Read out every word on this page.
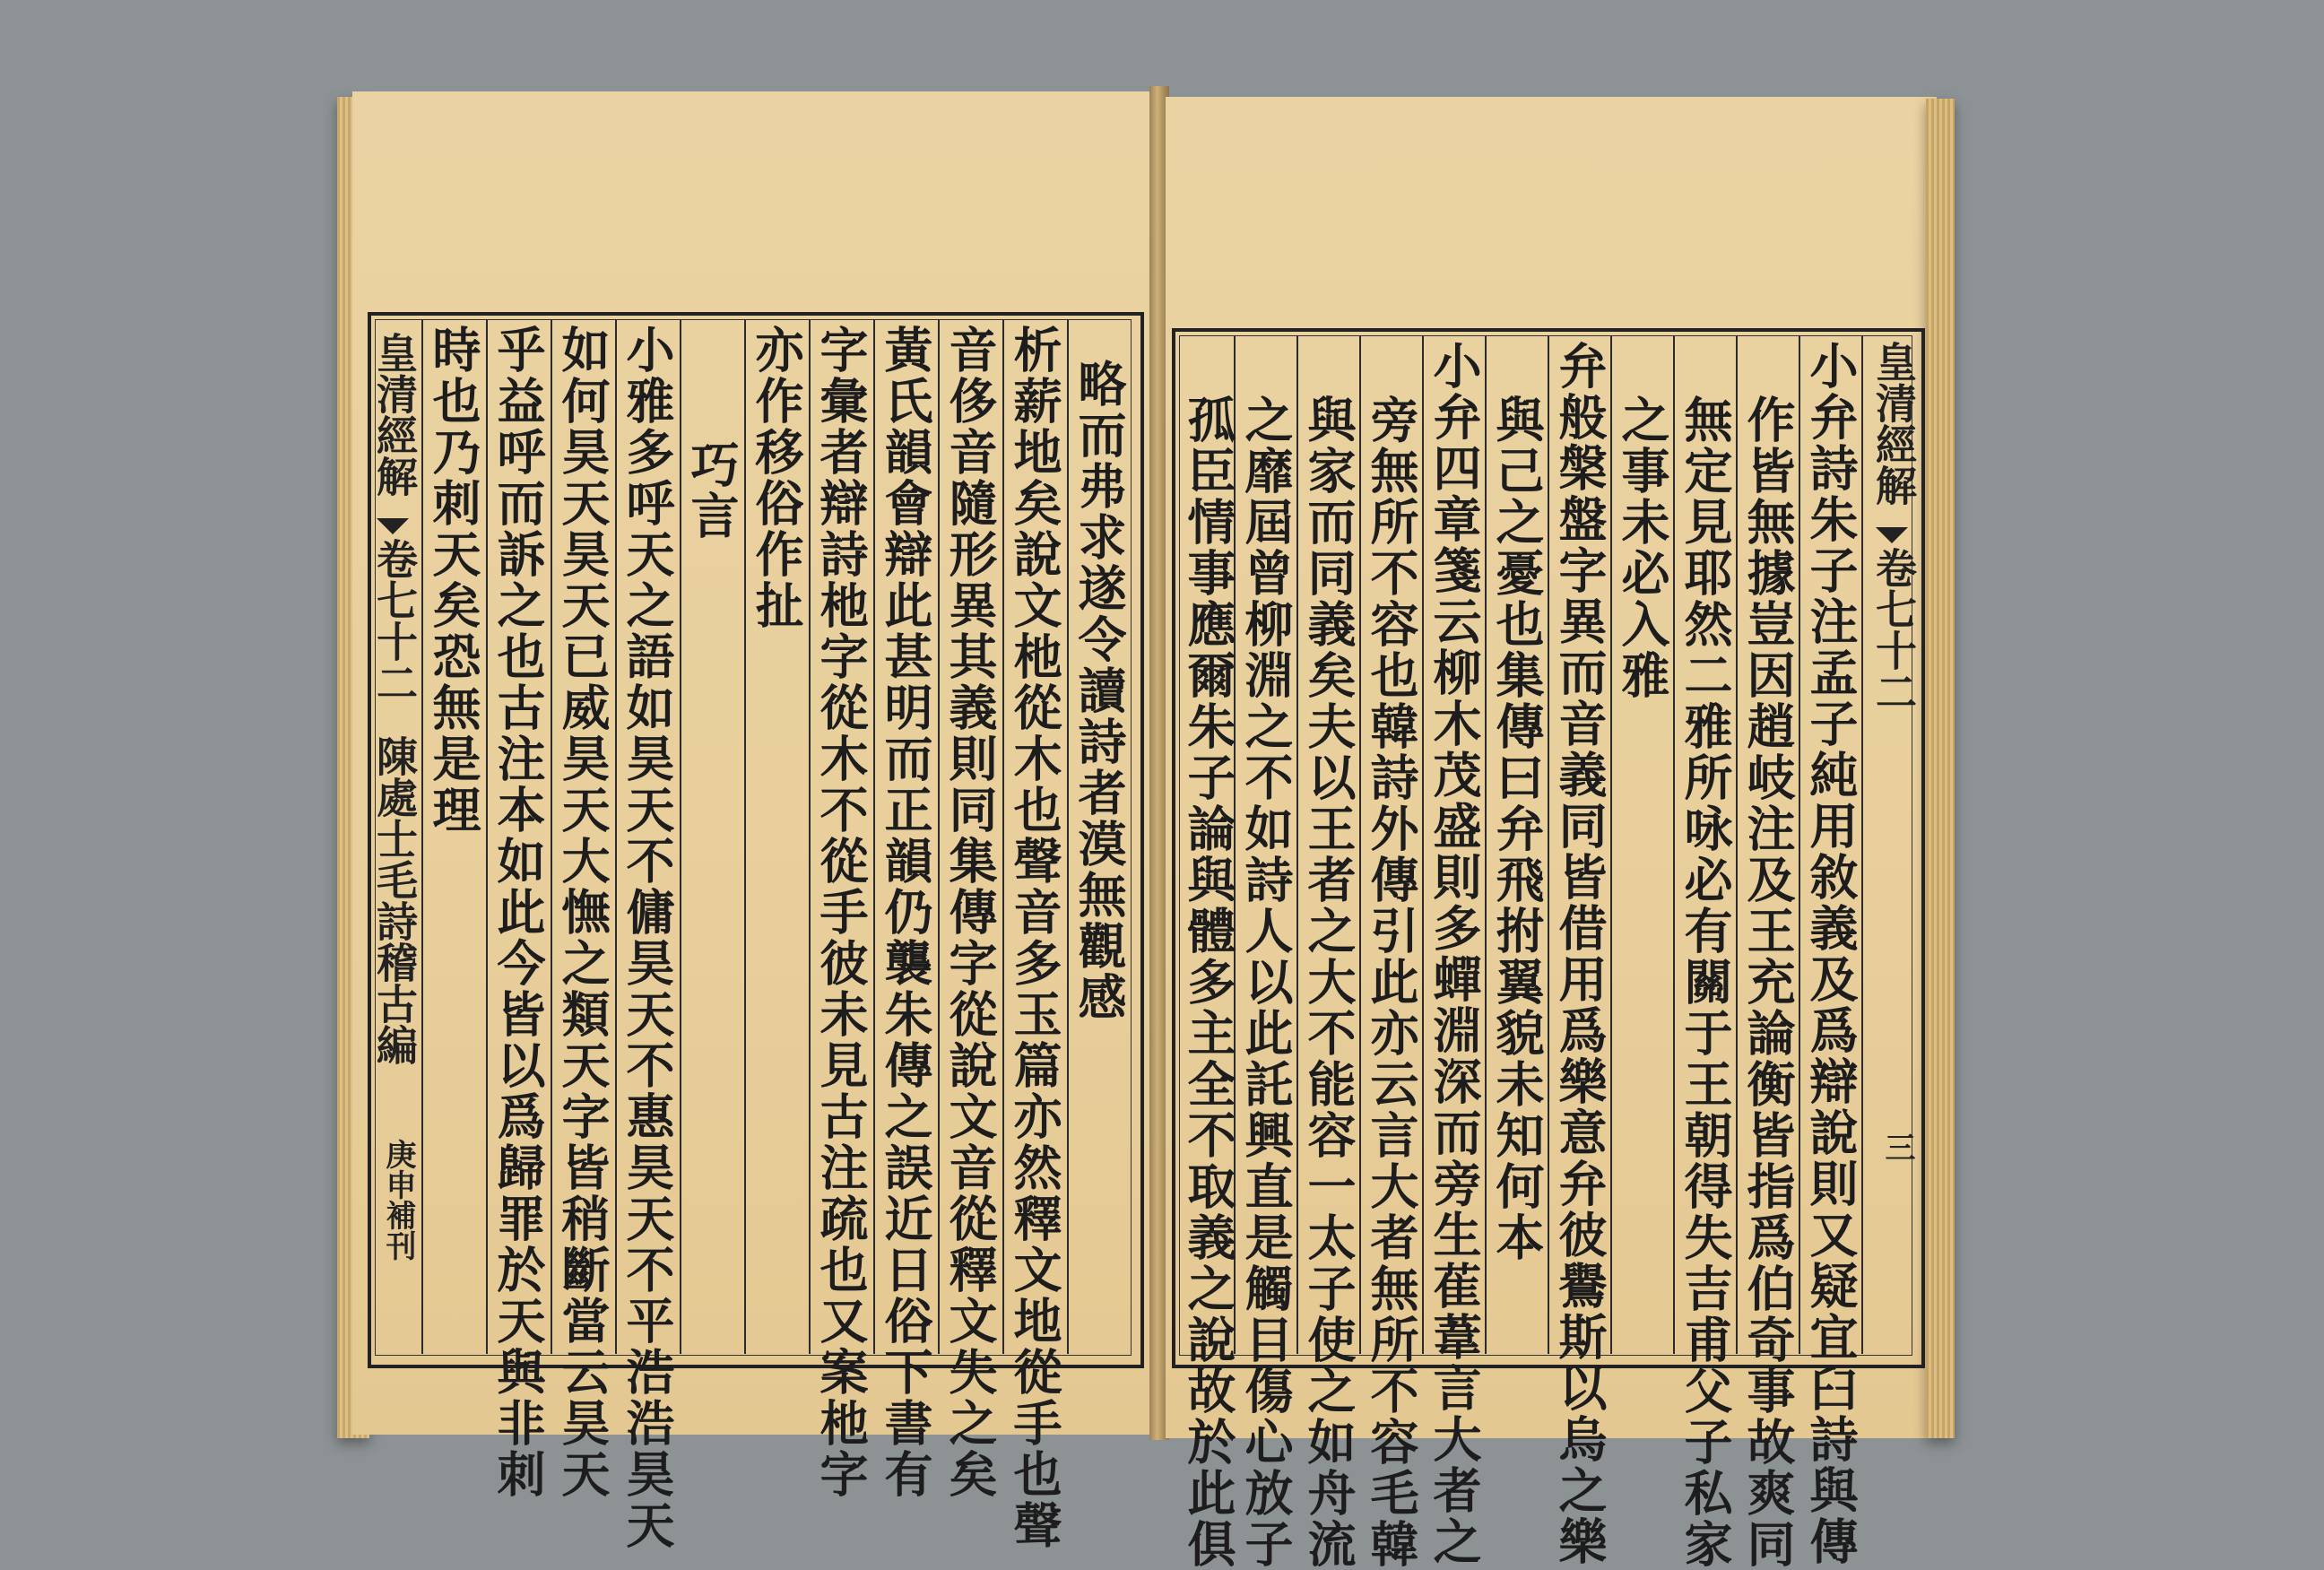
皇清經解
卷七十二
陳處士毛詩稽古編
庚申補刊
略而弗求遂令讀詩者漠無觀感
析薪地矣說文杝從木也聲音多玉篇亦然釋文地從手也聲
音侈音隨形異其義則同集傳字從說文音從釋文失之矣
黃氏韻會辯此甚明而正韻仍襲朱傳之誤近日俗下書有
字彙者辯詩杝字從木不從手彼未見古注疏也又案杝字
亦作移俗作扯
巧言
小雅多呼天之語如昊天不傭昊天不惠昊天不平浩浩昊天
如何昊天昊天已威昊天大憮之類天字皆稍斷當云昊天
乎益呼而訴之也古注本如此今皆以爲歸罪於天與非刺
時也乃刺天矣恐無是理	皇清經解
卷七十二
三
小弁詩朱子注孟子純用敘義及爲辯說則又疑宜臼詩與傳
作皆無據豈因趙岐注及王充論衡皆指爲伯奇事故爽同
無定見耶然二雅所咏必有關于王朝得失吉甫父子私家
之事未必入雅
弁般槃盤字異而音義同皆借用爲樂意弁彼鸒斯以烏之樂
與己之憂也集傳曰弁飛拊翼貌未知何本
小弁四章箋云柳木茂盛則多蟬淵深而旁生萑葦言大者之
旁無所不容也韓詩外傳引此亦云言大者無所不容毛韓
與家而同義矣夫以王者之大不能容一太子使之如舟流
之靡屆曾柳淵之不如詩人以此託興直是觸目傷心放子
孤臣情事應爾朱子論與體多主全不取義之說故於此俱
